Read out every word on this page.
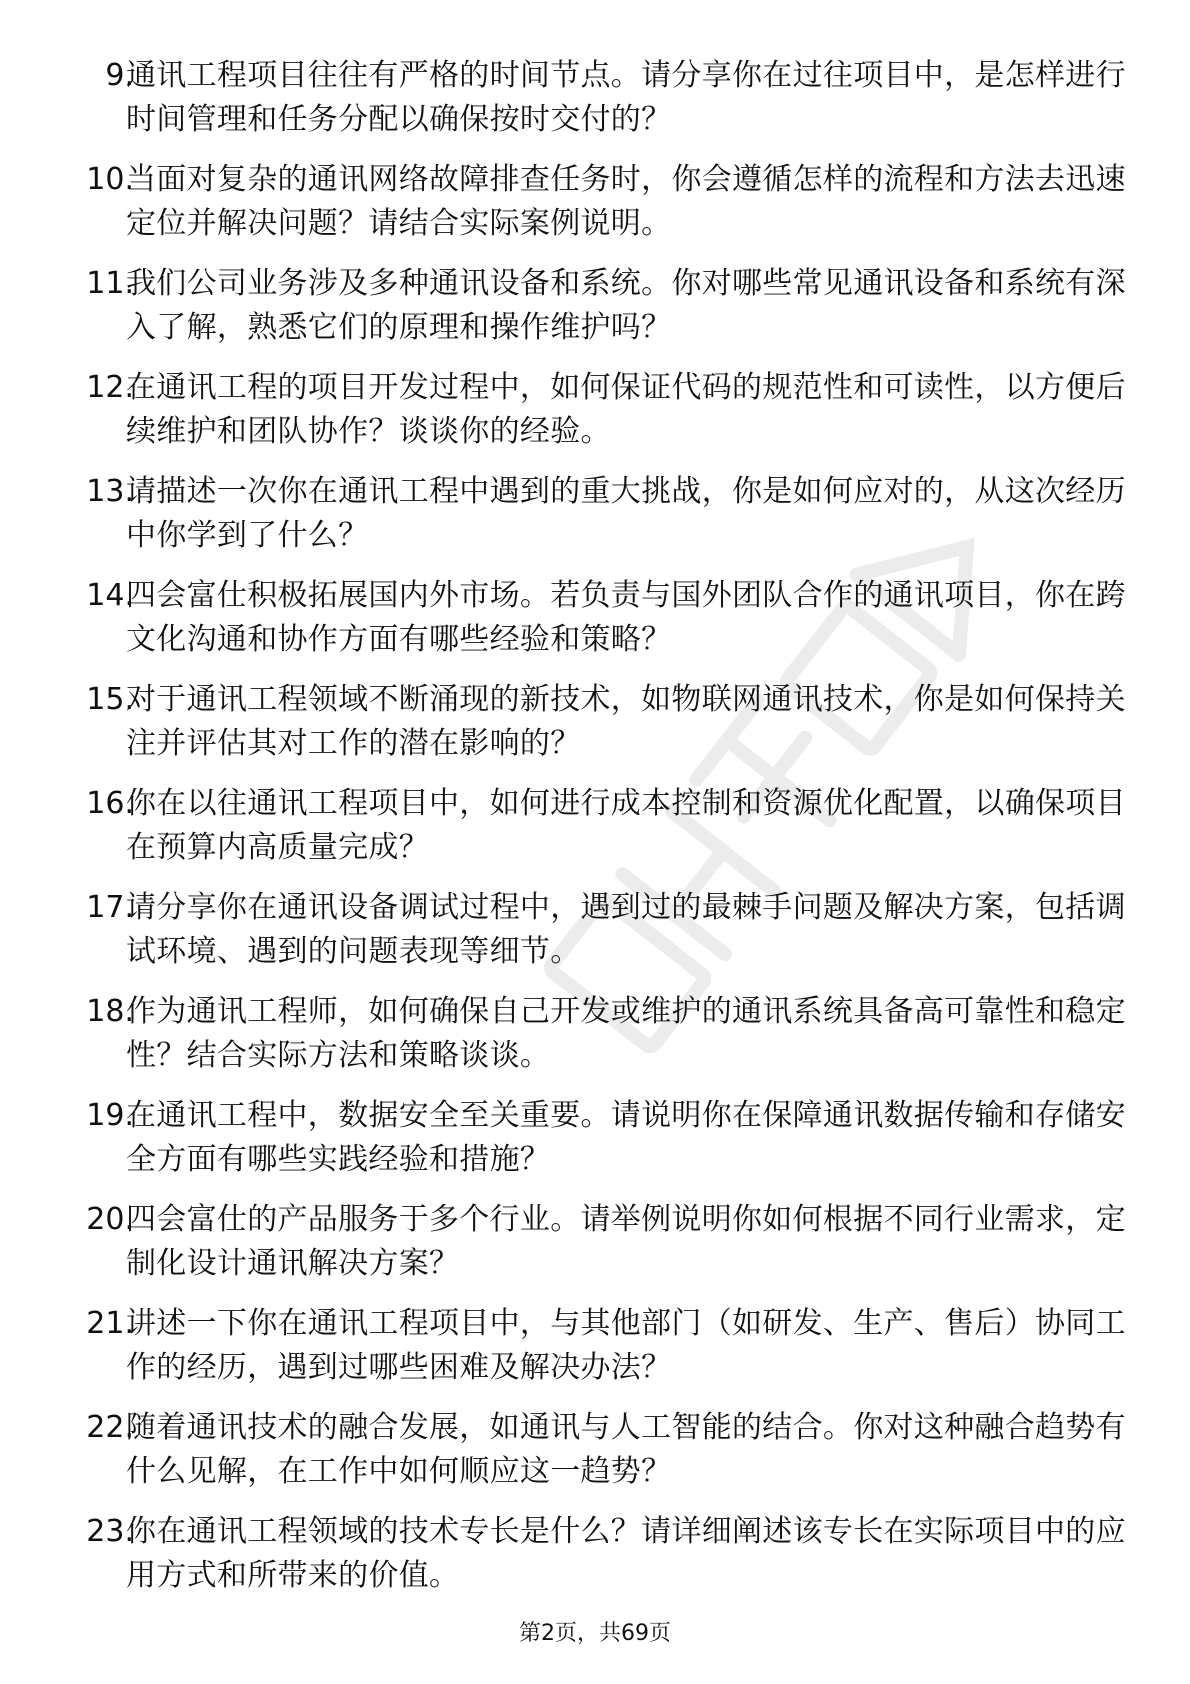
9.
通讯工程项目往往有严格的时间节点。请分享你在过往项目中，是怎样进行时间管理和任务分配以确保按时交付的？
10.
当面对复杂的通讯网络故障排查任务时，你会遵循怎样的流程和方法去迅速定位并解决问题？请结合实际案例说明。
11.
我们公司业务涉及多种通讯设备和系统。你对哪些常见通讯设备和系统有深入了解，熟悉它们的原理和操作维护吗？
12.
在通讯工程的项目开发过程中，如何保证代码的规范性和可读性，以方便后续维护和团队协作？谈谈你的经验。
13.
请描述一次你在通讯工程中遇到的重大挑战，你是如何应对的，从这次经历中你学到了什么？
14.
四会富仕积极拓展国内外市场。若负责与国外团队合作的通讯项目，你在跨文化沟通和协作方面有哪些经验和策略？
15.
对于通讯工程领域不断涌现的新技术，如物联网通讯技术，你是如何保持关注并评估其对工作的潜在影响的？
16.
你在以往通讯工程项目中，如何进行成本控制和资源优化配置，以确保项目在预算内高质量完成？
17.
请分享你在通讯设备调试过程中，遇到过的最棘手问题及解决方案，包括调试环境、遇到的问题表现等细节。
18.
作为通讯工程师，如何确保自己开发或维护的通讯系统具备高可靠性和稳定性？结合实际方法和策略谈谈。
19.
在通讯工程中，数据安全至关重要。请说明你在保障通讯数据传输和存储安全方面有哪些实践经验和措施？
20.
四会富仕的产品服务于多个行业。请举例说明你如何根据不同行业需求，定制化设计通讯解决方案？
21.
讲述一下你在通讯工程项目中，与其他部门（如研发、生产、售后）协同工作的经历，遇到过哪些困难及解决办法？
22.
随着通讯技术的融合发展，如通讯与人工智能的结合。你对这种融合趋势有什么见解，在工作中如何顺应这一趋势？
23.
你在通讯工程领域的技术专长是什么？请详细阐述该专长在实际项目中的应用方式和所带来的价值。
第2页，共69页
